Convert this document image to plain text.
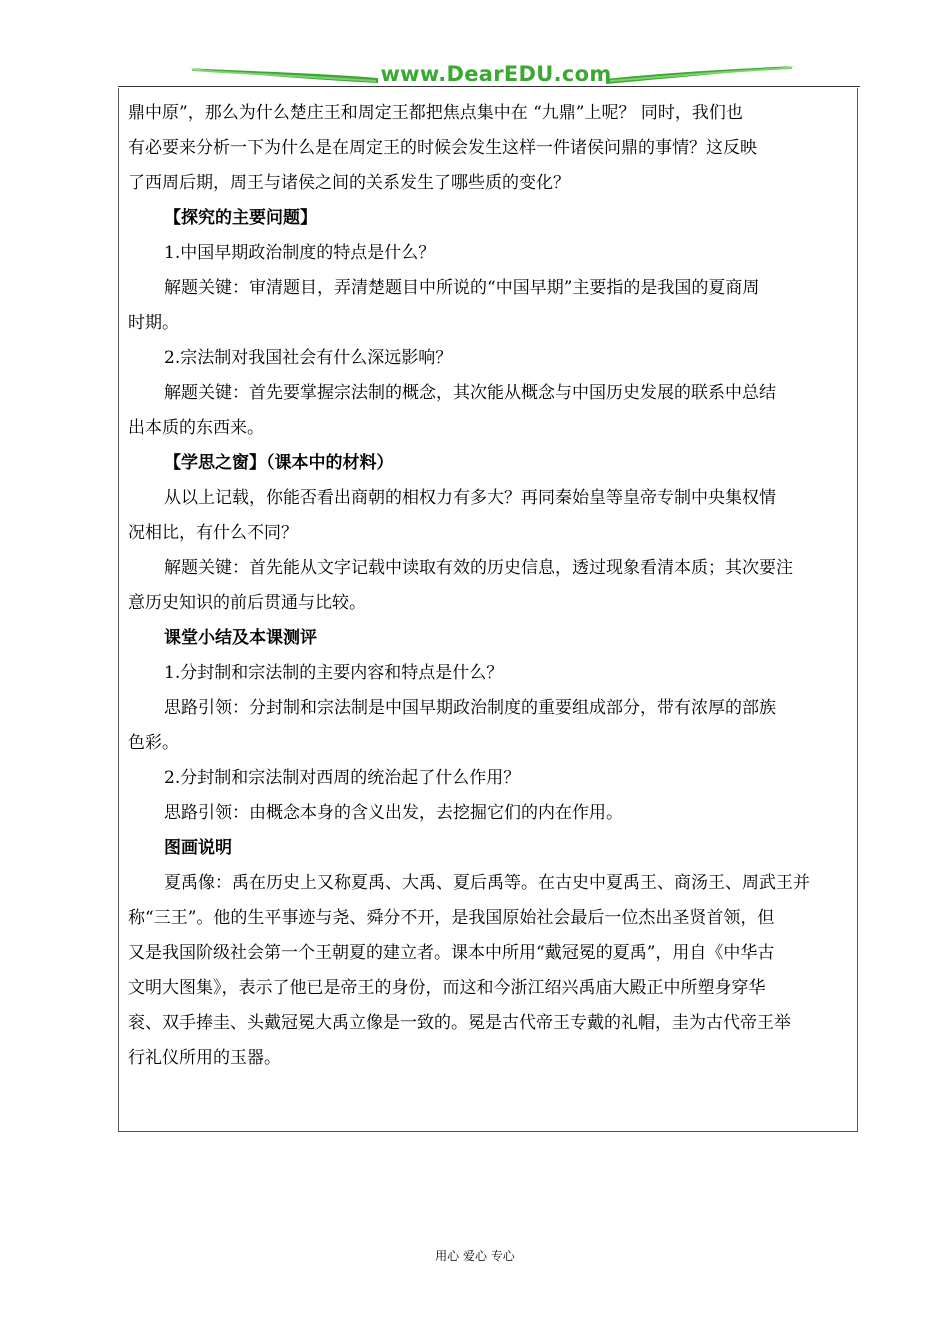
www.DearEDU.com

鼎中原”，那么为什么楚庄王和周定王都把焦点集中在 “九鼎”上呢？ 同时，我们也

有必要来分析一下为什么是在周定王的时候会发生这样一件诸侯问鼎的事情？这反映

了西周后期，周王与诸侯之间的关系发生了哪些质的变化？

【探究的主要问题】

1.中国早期政治制度的特点是什么？

解题关键：审清题目，弄清楚题目中所说的“中国早期”主要指的是我国的夏商周

时期。

2.宗法制对我国社会有什么深远影响？

解题关键：首先要掌握宗法制的概念，其次能从概念与中国历史发展的联系中总结

出本质的东西来。

【学思之窗】（课本中的材料）

从以上记载，你能否看出商朝的相权力有多大？再同秦始皇等皇帝专制中央集权情

况相比，有什么不同？

解题关键：首先能从文字记载中读取有效的历史信息，透过现象看清本质；其次要注

意历史知识的前后贯通与比较。

课堂小结及本课测评

1.分封制和宗法制的主要内容和特点是什么？

思路引领：分封制和宗法制是中国早期政治制度的重要组成部分，带有浓厚的部族

色彩。

2.分封制和宗法制对西周的统治起了什么作用？

思路引领：由概念本身的含义出发，去挖掘它们的内在作用。

图画说明

夏禹像：禹在历史上又称夏禹、大禹、夏后禹等。在古史中夏禹王、商汤王、周武王并

称“三王”。他的生平事迹与尧、舜分不开，是我国原始社会最后一位杰出圣贤首领，但

又是我国阶级社会第一个王朝夏的建立者。课本中所用“戴冠冕的夏禹”，用自《中华古

文明大图集》，表示了他已是帝王的身份，而这和今浙江绍兴禹庙大殿正中所塑身穿华

衮、双手捧圭、头戴冠冕大禹立像是一致的。冕是古代帝王专戴的礼帽，圭为古代帝王举

行礼仪所用的玉器。

用心 爱心 专心
